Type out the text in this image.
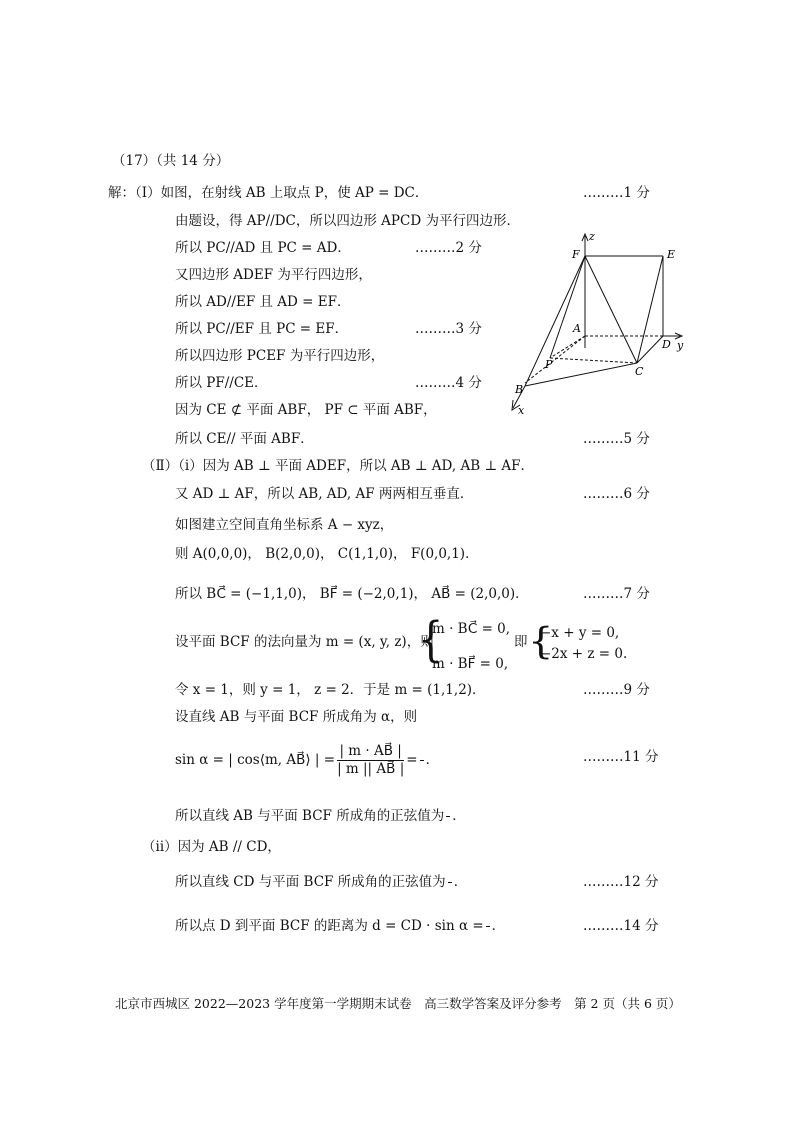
（17）（共 14 分）
解：（Ⅰ）如图，在射线 AB 上取点 P，使 AP = DC．	………1 分
由题设，得 AP//DC，所以四边形 APCD 为平行四边形．
所以 PC//AD 且 PC = AD．	………2 分
又四边形 ADEF 为平行四边形，
所以 AD//EF 且 AD = EF．
所以 PC//EF 且 PC = EF．	………3 分
所以四边形 PCEF 为平行四边形，
所以 PF//CE．	………4 分
因为 CE ⊄ 平面 ABF， PF ⊂ 平面 ABF，
所以 CE// 平面 ABF．	………5 分
z
F	E
A
D y
P
C
B
x
（Ⅱ）（ⅰ）因为 AB ⊥ 平面 ADEF，所以 AB ⊥ AD, AB ⊥ AF．
又 AD ⊥ AF，所以 AB, AD, AF 两两相互垂直．	………6 分
如图建立空间直角坐标系 A − xyz，
则 A(0,0,0)， B(2,0,0)， C(1,1,0)， F(0,0,1)．
所以 BC⃗ = (−1,1,0)， BF⃗ = (−2,0,1)， AB⃗ = (2,0,0)．	………7 分
设平面 BCF 的法向量为 m = (x, y, z)，则
{
m · BC⃗ = 0,
m · BF⃗ = 0,
即 {
−x + y = 0,
−2x + z = 0.
令 x = 1，则 y = 1， z = 2．于是 m = (1,1,2)．	………9 分
设直线 AB 与平面 BCF 所成角为 α，则
sin α = | cos⟨m, AB⃗⟩ | = $\frac{| m \cdot AB⃗ |}{| m || AB⃗ |}$ = ．	………11 分
所以直线 AB 与平面 BCF 所成角的正弦值为 ．
（ⅱ）因为 AB // CD，
所以直线 CD 与平面 BCF 所成角的正弦值为 ．	………12 分
所以点 D 到平面 BCF 的距离为 d = CD · sin α = ．	………14 分
北京市西城区 2022—2023 学年度第一学期期末试卷　高三数学答案及评分参考　第 2 页（共 6 页）
